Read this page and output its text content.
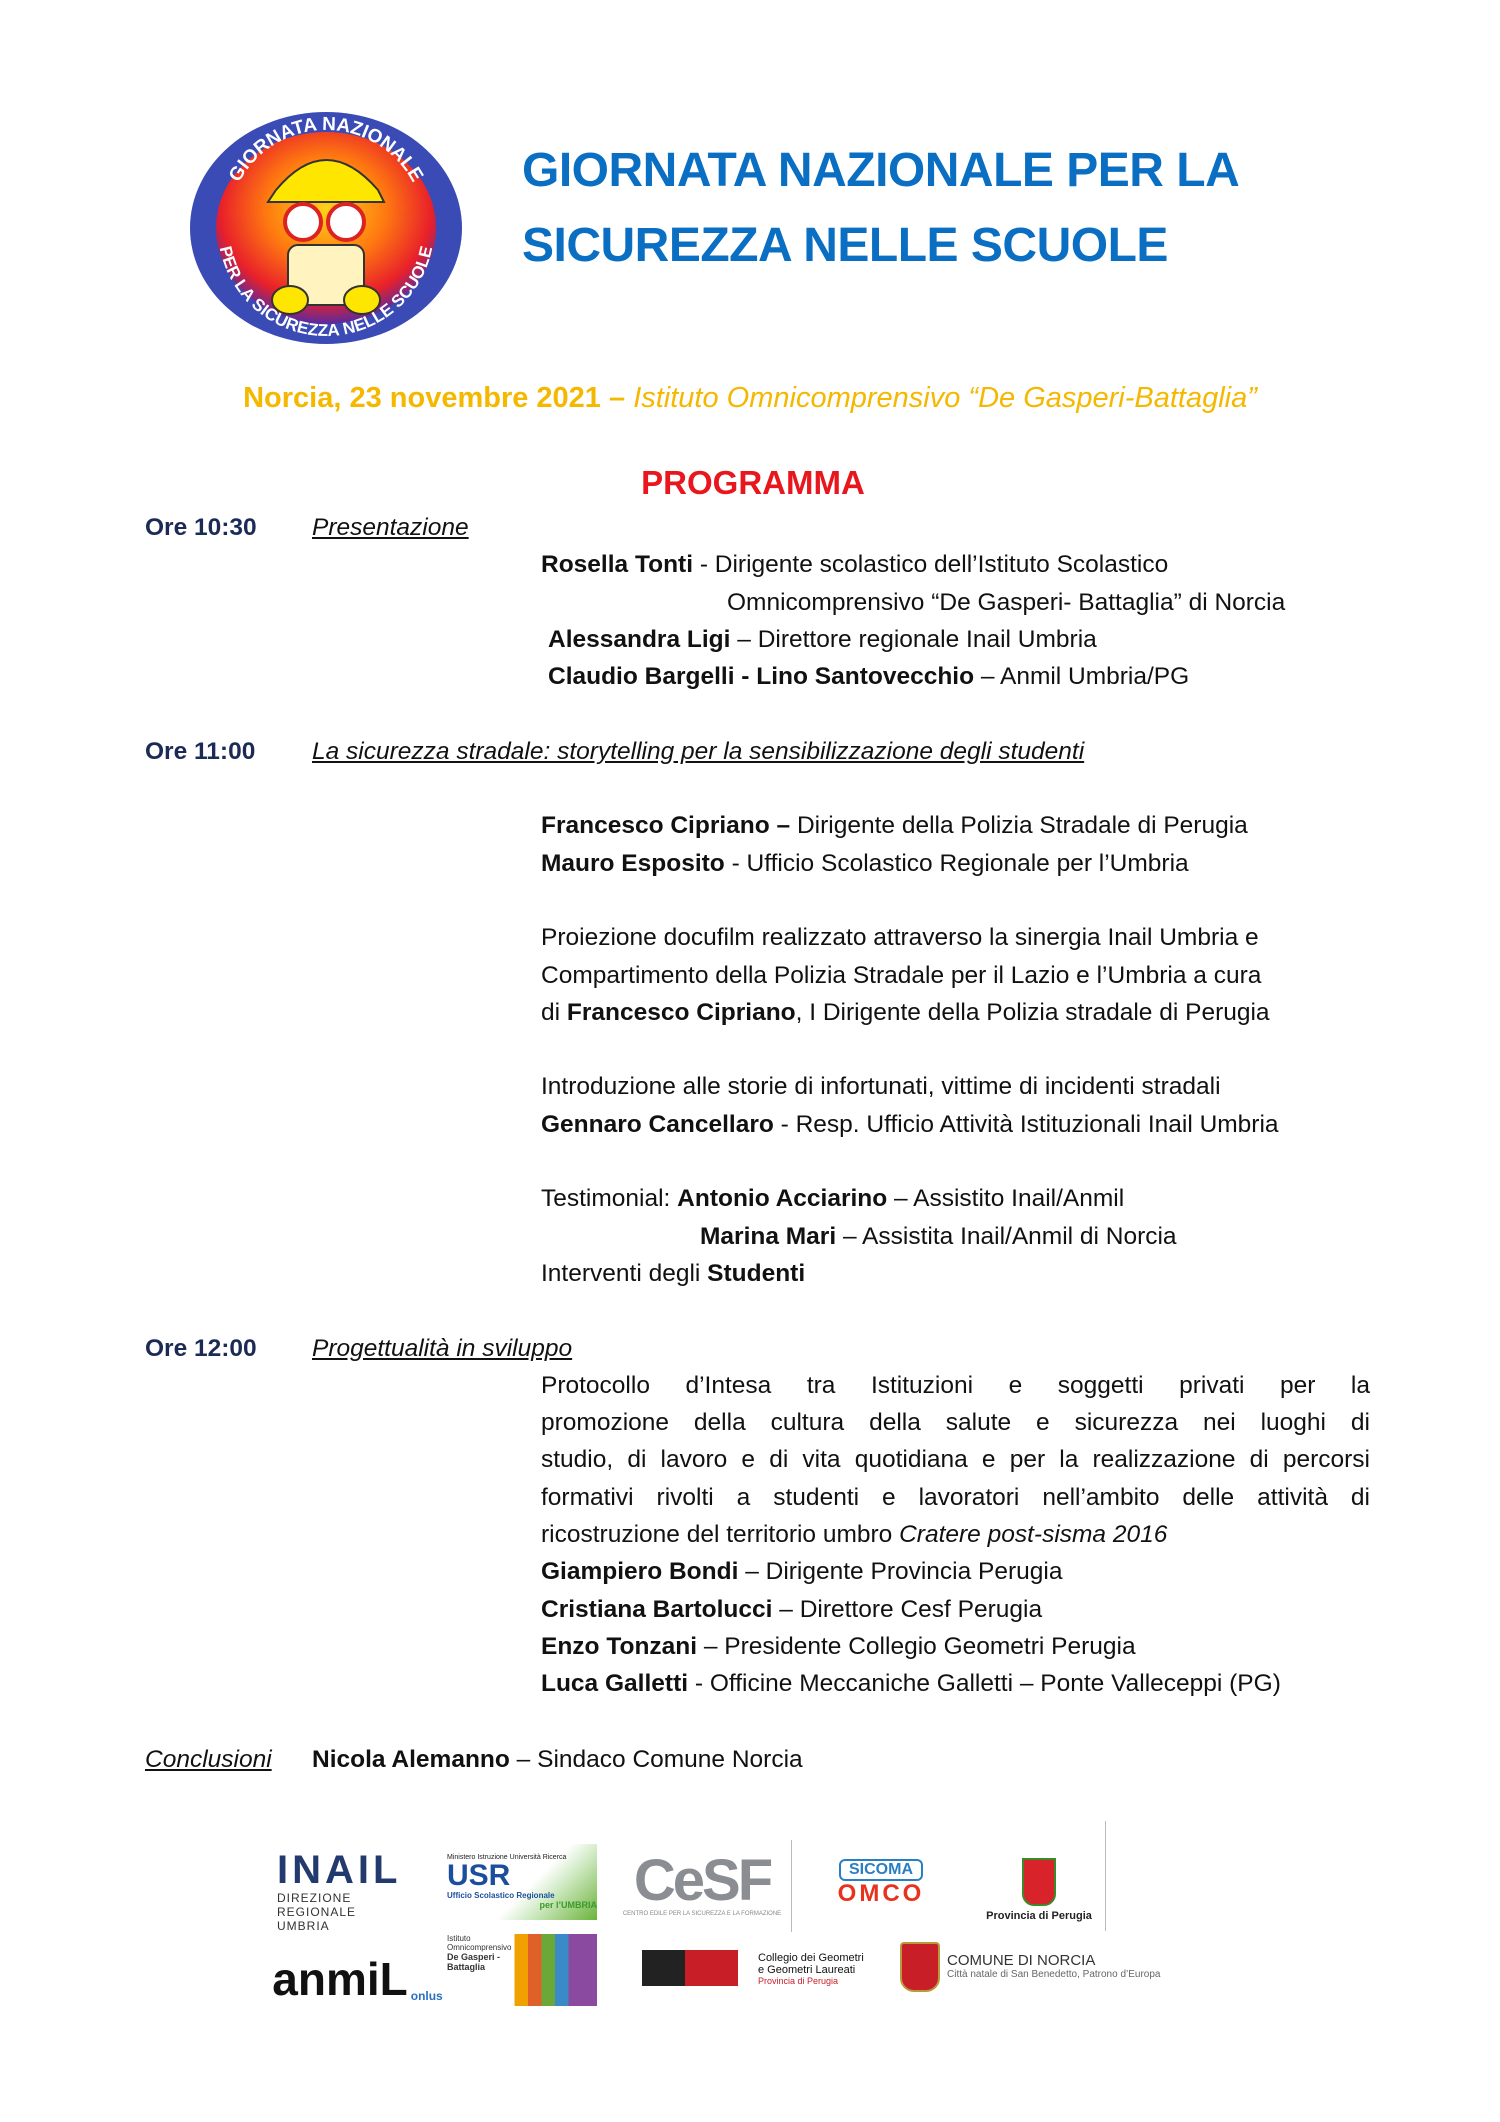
GIORNATA NAZIONALE
PER LA SICUREZZA NELLE SCUOLE
GIORNATA NAZIONALE PER LA
SICUREZZA NELLE SCUOLE
Norcia, 23 novembre 2021 – Istituto Omnicomprensivo “De Gasperi-Battaglia”
PROGRAMMA
Ore 10:30 Presentazione
Rosella Tonti - Dirigente scolastico dell’Istituto Scolastico
Omnicomprensivo “De Gasperi- Battaglia” di Norcia
Alessandra Ligi – Direttore regionale Inail Umbria
Claudio Bargelli - Lino Santovecchio – Anmil Umbria/PG
Ore 11:00 La sicurezza stradale: storytelling per la sensibilizzazione degli studenti
Francesco Cipriano – Dirigente della Polizia Stradale di Perugia
Mauro Esposito - Ufficio Scolastico Regionale per l’Umbria
Proiezione docufilm realizzato attraverso la sinergia Inail Umbria e
Compartimento della Polizia Stradale per il Lazio e l’Umbria a cura
di Francesco Cipriano, I Dirigente della Polizia stradale di Perugia
Introduzione alle storie di infortunati, vittime di incidenti stradali
Gennaro Cancellaro - Resp. Ufficio Attività Istituzionali Inail Umbria
Testimonial: Antonio Acciarino – Assistito Inail/Anmil
Marina Mari – Assistita Inail/Anmil di Norcia
Interventi degli Studenti
Ore 12:00 Progettualità in sviluppo
Protocollo d’Intesa tra Istituzioni e soggetti privati per la
promozione della cultura della salute e sicurezza nei luoghi di
studio, di lavoro e di vita quotidiana e per la realizzazione di percorsi
formativi rivolti a studenti e lavoratori nell’ambito delle attività di
ricostruzione del territorio umbro Cratere post-sisma 2016
Giampiero Bondi – Dirigente Provincia Perugia
Cristiana Bartolucci – Direttore Cesf Perugia
Enzo Tonzani – Presidente Collegio Geometri Perugia
Luca Galletti - Officine Meccaniche Galletti – Ponte Valleceppi (PG)
Conclusioni Nicola Alemanno – Sindaco Comune Norcia
INAIL
DIREZIONE REGIONALE
UMBRIA
Ministero Istruzione Università Ricerca
USR
Ufficio Scolastico Regionale
per l’UMBRIA CeSF
CENTRO EDILE PER LA SICUREZZA E LA FORMAZIONE
SICOMA
OMCO
Provincia di Perugia
anmiL onlus
Istituto Omnicomprensivo
De Gasperi - Battaglia
Collegio dei Geometri
e Geometri Laureati
Provincia di Perugia
COMUNE DI NORCIA
Città natale di San Benedetto, Patrono d’Europa
